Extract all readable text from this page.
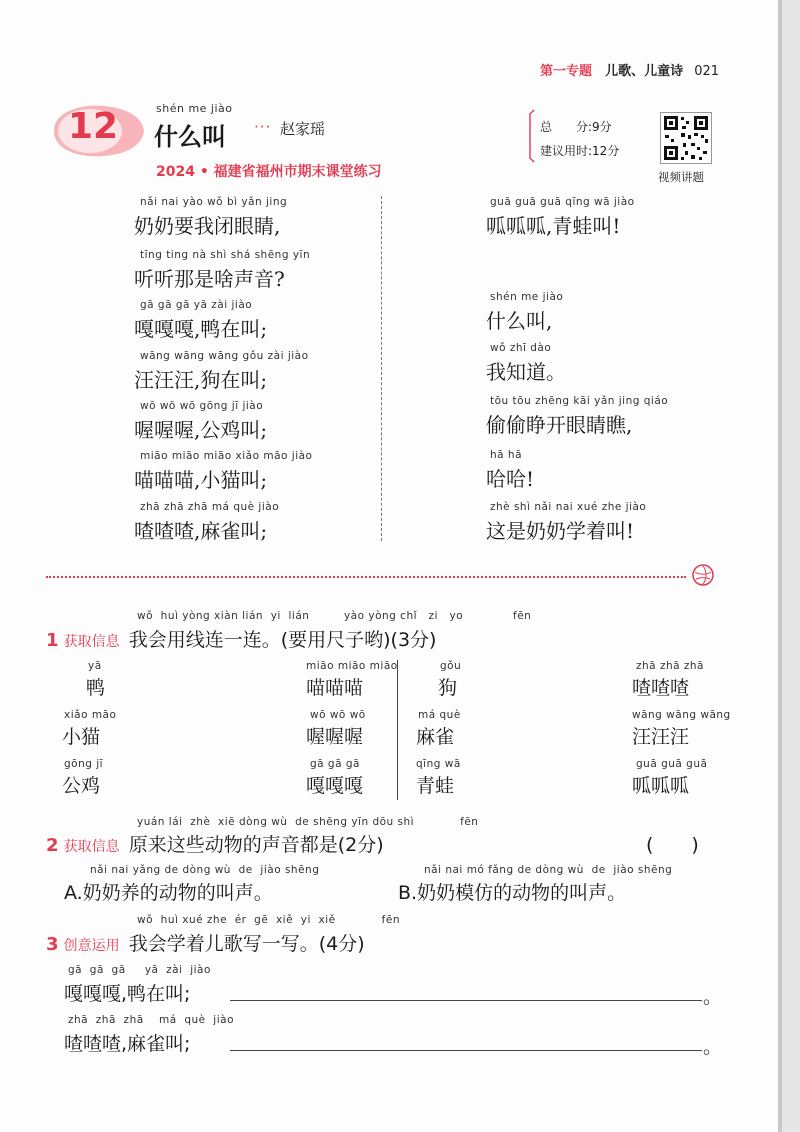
第一专题 儿歌、儿童诗 021
12	shén me jiào
什么叫 ··· 赵家瑶
2024 • 福建省福州市期末课堂练习
总　　分:9分
建议用时:12分
视频讲题
nǎi nai yào wǒ bì yǎn jing
奶奶要我闭眼睛,
tīng ting nà shì shá shēng yīn
听听那是啥声音?
gā gā gā yā zài jiào
嘎嘎嘎,鸭在叫;
wāng wāng wāng gǒu zài jiào
汪汪汪,狗在叫;
wō wō wō gōng jī jiào
喔喔喔,公鸡叫;
miāo miāo miāo xiǎo māo jiào
喵喵喵,小猫叫;
zhā zhā zhā má què jiào
喳喳喳,麻雀叫;
guā guā guā qīng wā jiào
呱呱呱,青蛙叫!
shén me jiào
什么叫,
wǒ zhī dào
我知道。
tōu tōu zhēng kāi yǎn jing qiáo
偷偷睁开眼睛瞧,
hā hā
哈哈!
zhè shì nǎi nai xué zhe jiào
这是奶奶学着叫!
wǒ  huì yòng xiàn lián  yi  lián         yào yòng chǐ   zi   yo             fēn
1 获取信息 我会用线连一连。(要用尺子哟)(3分)
yā
鸭
xiǎo māo
小猫
gōng jī
公鸡
miāo miāo miāo
喵喵喵
wō wō wō
喔喔喔
gā gā gā
嘎嘎嘎
gǒu
狗
má què
麻雀
qīng wā
青蛙
zhā zhā zhā
喳喳喳
wāng wāng wāng
汪汪汪
guā guā guā
呱呱呱
yuán lái  zhè  xiē dòng wù  de shēng yīn dōu shì            fēn
2 获取信息 原来这些动物的声音都是(2分)	(　　)
nǎi nai yǎng de dòng wù  de  jiào shēng
A.奶奶养的动物的叫声。
nǎi nai mó fǎng de dòng wù  de  jiào shēng
B.奶奶模仿的动物的叫声。
wǒ  huì xué zhe  ér  gē  xiě  yi  xiě            fēn
3 创意运用 我会学着儿歌写一写。(4分)
gā  gā  gā     yā  zài  jiào
嘎嘎嘎,鸭在叫;	。
zhā  zhā  zhā    má  què  jiào
喳喳喳,麻雀叫;	。
